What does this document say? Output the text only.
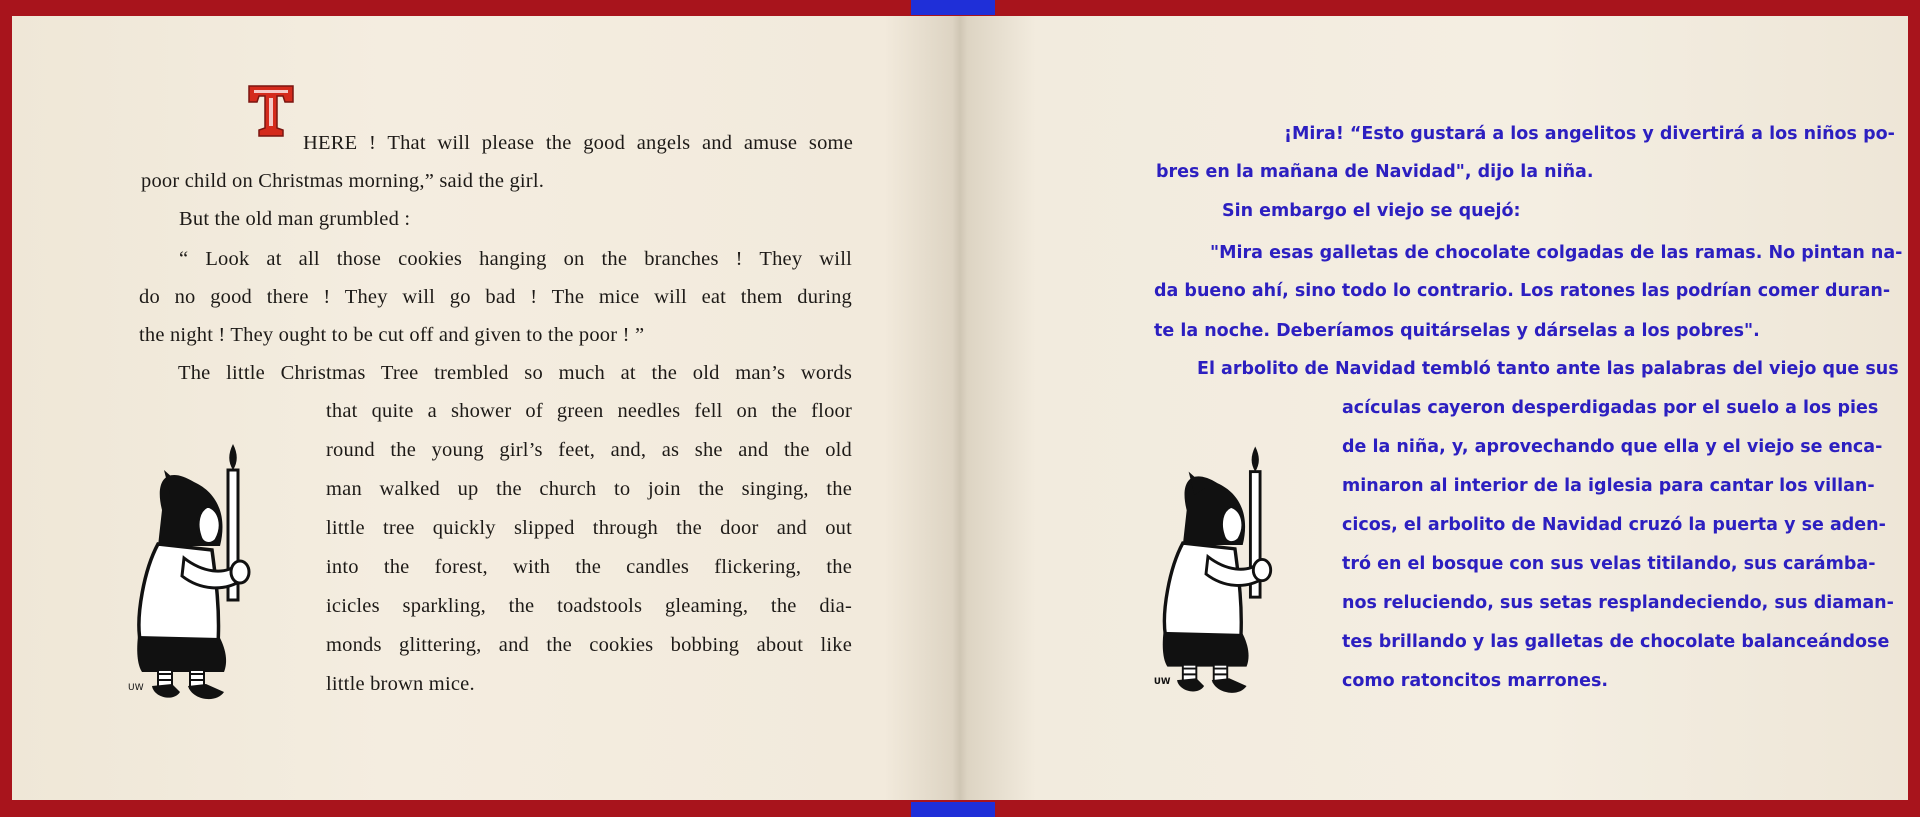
T
HERE ! That will please the good angels and amuse some
poor child on Christmas morning,” said the girl.
But the old man grumbled :
“ Look at all those cookies hanging on the branches ! They will
do no good there ! They will go bad ! The mice will eat them during
the night ! They ought to be cut off and given to the poor ! ”
The little Christmas Tree trembled so much at the old man’s words
that quite a shower of green needles fell on the floor
round the young girl’s feet, and, as she and the old
man walked up the church to join the singing, the
little tree quickly slipped through the door and out
into the forest, with the candles flickering, the
icicles sparkling, the toadstools gleaming, the dia-
monds glittering, and the cookies bobbing about like
little brown mice.
UW
¡Mira! “Esto gustará a los angelitos y divertirá a los niños po-
bres en la mañana de Navidad", dijo la niña.
Sin embargo el viejo se quejó:
"Mira esas galletas de chocolate colgadas de las ramas. No pintan na-
da bueno ahí, sino todo lo contrario. Los ratones las podrían comer duran-
te la noche. Deberíamos quitárselas y dárselas a los pobres".
El arbolito de Navidad tembló tanto ante las palabras del viejo que sus
acículas cayeron desperdigadas por el suelo a los pies
de la niña, y, aprovechando que ella y el viejo se enca-
minaron al interior de la iglesia para cantar los villan-
cicos, el arbolito de Navidad cruzó la puerta y se aden-
tró en el bosque con sus velas titilando, sus carámba-
nos reluciendo, sus setas resplandeciendo, sus diaman-
tes brillando y las galletas de chocolate balanceándose
como ratoncitos marrones.
UW
